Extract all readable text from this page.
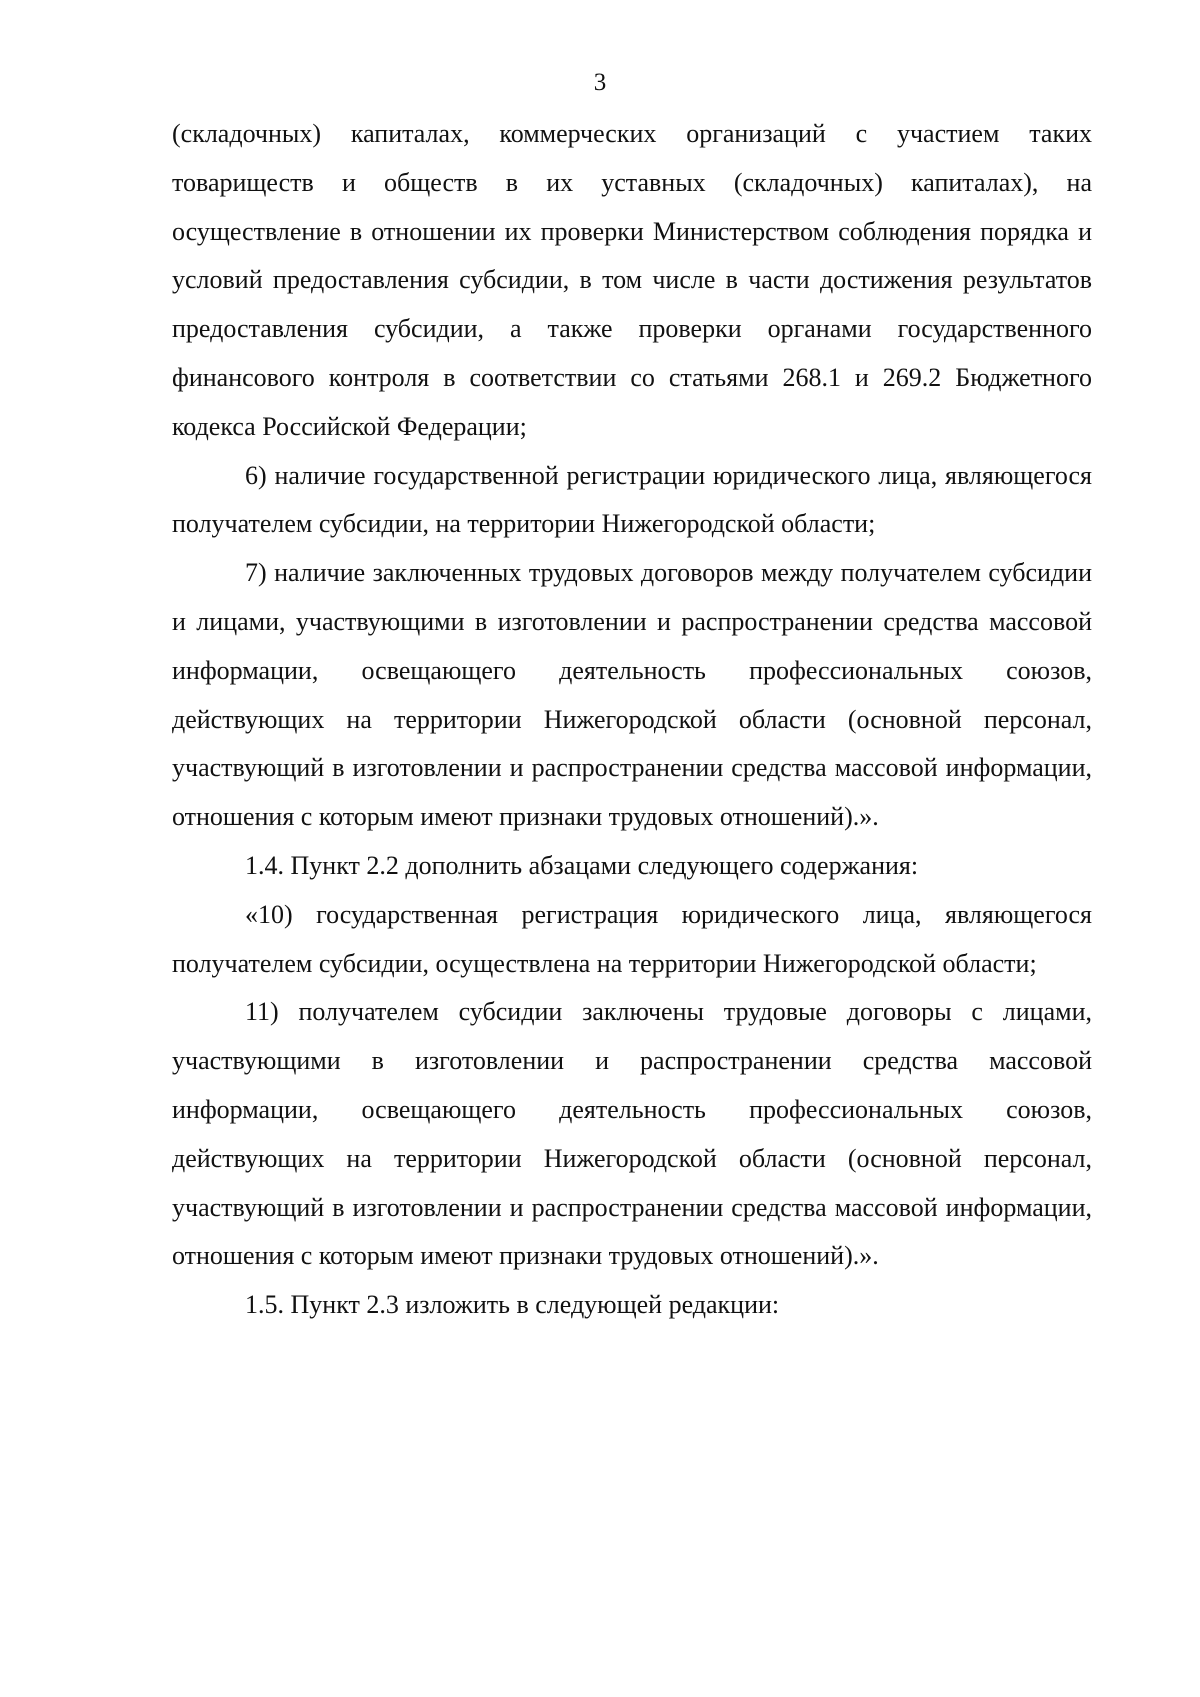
3

(складочных) капиталах, коммерческих организаций с участием таких товариществ и обществ в их уставных (складочных) капиталах), на осуществление в отношении их проверки Министерством соблюдения порядка и условий предоставления субсидии, в том числе в части достижения результатов предоставления субсидии, а также проверки органами государственного финансового контроля в соответствии со статьями 268.1 и 269.2 Бюджетного кодекса Российской Федерации;

6) наличие государственной регистрации юридического лица, являющегося получателем субсидии, на территории Нижегородской области;

7) наличие заключенных трудовых договоров между получателем субсидии и лицами, участвующими в изготовлении и распространении средства массовой информации, освещающего деятельность профессиональных союзов, действующих на территории Нижегородской области (основной персонал, участвующий в изготовлении и распространении средства массовой информации, отношения с которым имеют признаки трудовых отношений).».

1.4. Пункт 2.2 дополнить абзацами следующего содержания:

«10) государственная регистрация юридического лица, являющегося получателем субсидии, осуществлена на территории Нижегородской области;

11) получателем субсидии заключены трудовые договоры с лицами, участвующими в изготовлении и распространении средства массовой информации, освещающего деятельность профессиональных союзов, действующих на территории Нижегородской области (основной персонал, участвующий в изготовлении и распространении средства массовой информации, отношения с которым имеют признаки трудовых отношений).».

1.5. Пункт 2.3 изложить в следующей редакции:
